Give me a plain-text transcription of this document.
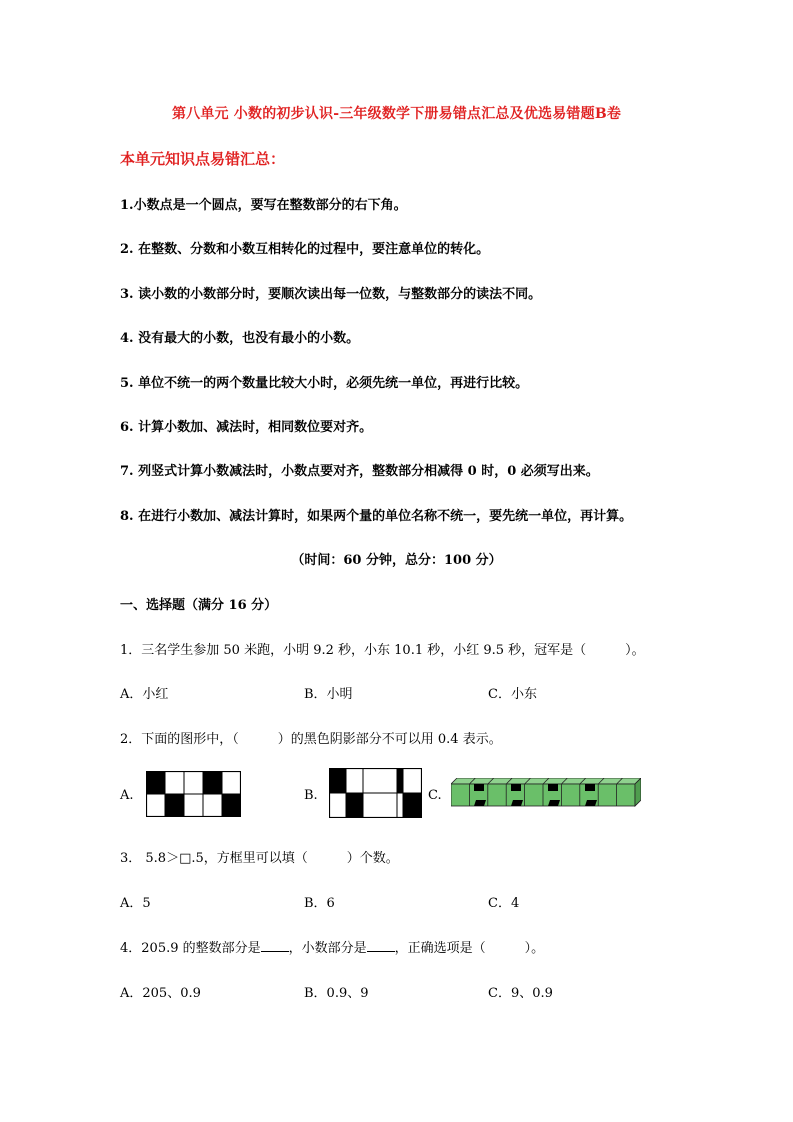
第八单元 小数的初步认识-三年级数学下册易错点汇总及优选易错题B卷
本单元知识点易错汇总：
1.小数点是一个圆点，要写在整数部分的右下角。
2. 在整数、分数和小数互相转化的过程中，要注意单位的转化。
3. 读小数的小数部分时，要顺次读出每一位数，与整数部分的读法不同。
4. 没有最大的小数，也没有最小的小数。
5. 单位不统一的两个数量比较大小时，必须先统一单位，再进行比较。
6. 计算小数加、减法时，相同数位要对齐。
7. 列竖式计算小数减法时，小数点要对齐，整数部分相减得 0 时，0 必须写出来。
8. 在进行小数加、减法计算时，如果两个量的单位名称不统一，要先统一单位，再计算。
（时间：60 分钟，总分：100 分）
一、选择题（满分 16 分）
1．三名学生参加 50 米跑，小明 9.2 秒，小东 10.1 秒，小红 9.5 秒，冠军是（　　　）。
A．小红	B．小明	C．小东
2．下面的图形中，（　　　）的黑色阴影部分不可以用 0.4 表示。
A.	B.	C.
3． 5.8＞□.5，方框里可以填（　　　）个数。
A．5	B．6	C．4
4．205.9 的整数部分是 ，小数部分是 ，正确选项是（　　　）。
A．205、0.9	B．0.9、9	C．9、0.9
